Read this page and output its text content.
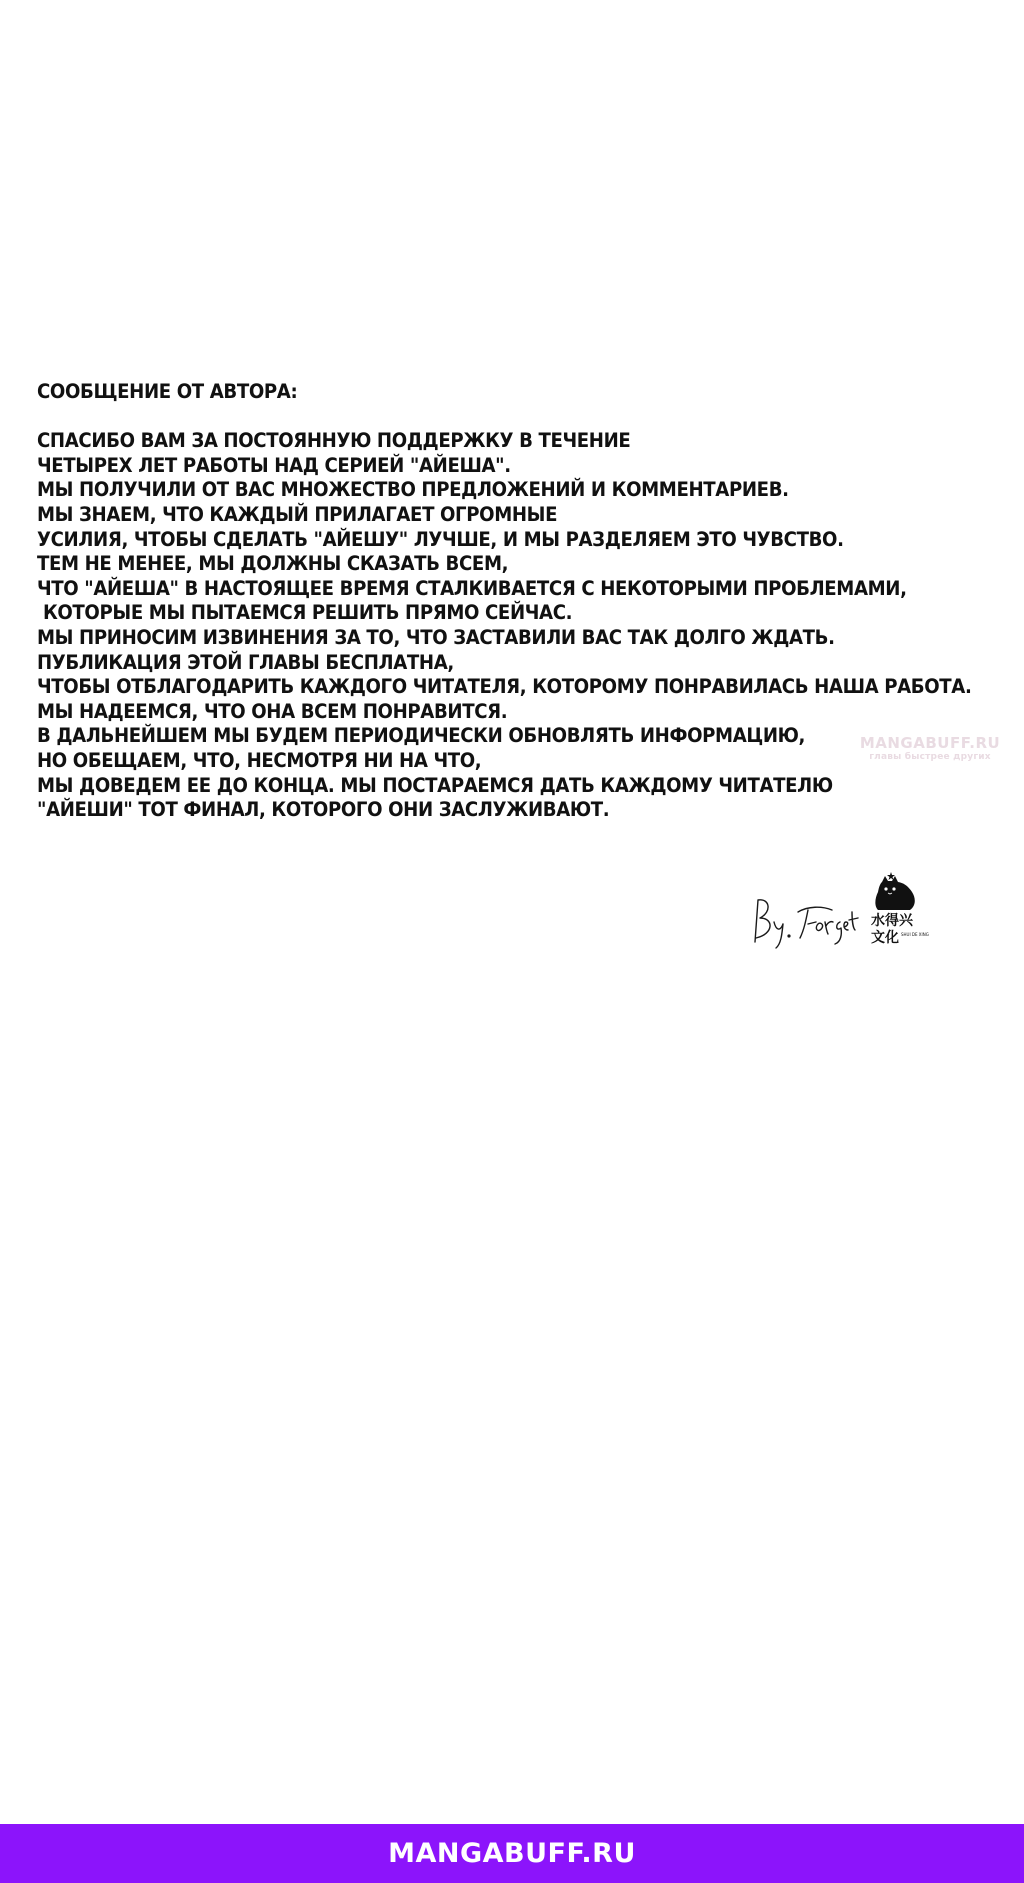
СООБЩЕНИЕ ОТ АВТОРА:

СПАСИБО ВАМ ЗА ПОСТОЯННУЮ ПОДДЕРЖКУ В ТЕЧЕНИЕ

ЧЕТЫРЕХ ЛЕТ РАБОТЫ НАД СЕРИЕЙ "АЙЕША".

МЫ ПОЛУЧИЛИ ОТ ВАС МНОЖЕСТВО ПРЕДЛОЖЕНИЙ И КОММЕНТАРИЕВ.

МЫ ЗНАЕМ, ЧТО КАЖДЫЙ ПРИЛАГАЕТ ОГРОМНЫЕ

УСИЛИЯ, ЧТОБЫ СДЕЛАТЬ "АЙЕШУ" ЛУЧШЕ, И МЫ РАЗДЕЛЯЕМ ЭТО ЧУВСТВО.

ТЕМ НЕ МЕНЕЕ, МЫ ДОЛЖНЫ СКАЗАТЬ ВСЕМ,

ЧТО "АЙЕША" В НАСТОЯЩЕЕ ВРЕМЯ СТАЛКИВАЕТСЯ С НЕКОТОРЫМИ ПРОБЛЕМАМИ,

КОТОРЫЕ МЫ ПЫТАЕМСЯ РЕШИТЬ ПРЯМО СЕЙЧАС.

МЫ ПРИНОСИМ ИЗВИНЕНИЯ ЗА ТО, ЧТО ЗАСТАВИЛИ ВАС ТАК ДОЛГО ЖДАТЬ.

ПУБЛИКАЦИЯ ЭТОЙ ГЛАВЫ БЕСПЛАТНА,

ЧТОБЫ ОТБЛАГОДАРИТЬ КАЖДОГО ЧИТАТЕЛЯ, КОТОРОМУ ПОНРАВИЛАСЬ НАША РАБОТА.

МЫ НАДЕЕМСЯ, ЧТО ОНА ВСЕМ ПОНРАВИТСЯ.

В ДАЛЬНЕЙШЕМ МЫ БУДЕМ ПЕРИОДИЧЕСКИ ОБНОВЛЯТЬ ИНФОРМАЦИЮ,

НО ОБЕЩАЕМ, ЧТО, НЕСМОТРЯ НИ НА ЧТО,

МЫ ДОВЕДЕМ ЕЕ ДО КОНЦА. МЫ ПОСТАРАЕМСЯ ДАТЬ КАЖДОМУ ЧИТАТЕЛЮ

"АЙЕШИ" ТОТ ФИНАЛ, КОТОРОГО ОНИ ЗАСЛУЖИВАЮТ.

MANGABUFF.RU
главы быстрее других
水得兴
文化 SHUI DE XING
MANGABUFF.RU
